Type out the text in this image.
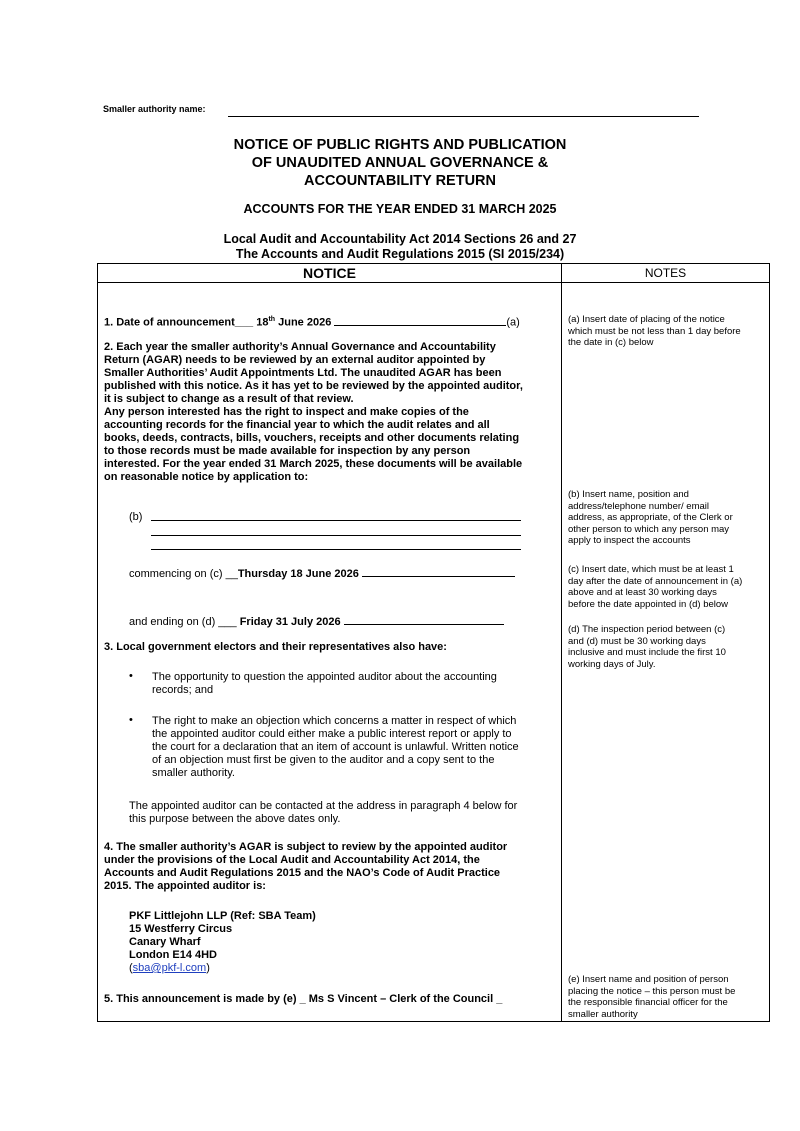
Smaller authority name:
NOTICE OF PUBLIC RIGHTS AND PUBLICATION
OF UNAUDITED ANNUAL GOVERNANCE &
ACCOUNTABILITY RETURN
ACCOUNTS FOR THE YEAR ENDED 31 MARCH 2025
Local Audit and Accountability Act 2014 Sections 26 and 27
The Accounts and Audit Regulations 2015 (SI 2015/234)
NOTICE	NOTES
1. Date of announcement___ 18th June 2026	(a)
2. Each year the smaller authority’s Annual Governance and Accountability
Return (AGAR) needs to be reviewed by an external auditor appointed by
Smaller Authorities’ Audit Appointments Ltd. The unaudited AGAR has been
published with this notice. As it has yet to be reviewed by the appointed auditor,
it is subject to change as a result of that review.
Any person interested has the right to inspect and make copies of the
accounting records for the financial year to which the audit relates and all
books, deeds, contracts, bills, vouchers, receipts and other documents relating
to those records must be made available for inspection by any person
interested. For the year ended 31 March 2025, these documents will be available
on reasonable notice by application to:
(b)
commencing on (c) __Thursday 18 June 2026
and ending on (d) ___ Friday 31 July 2026
3. Local government electors and their representatives also have:
• The opportunity to question the appointed auditor about the accounting
records; and
• The right to make an objection which concerns a matter in respect of which
the appointed auditor could either make a public interest report or apply to
the court for a declaration that an item of account is unlawful. Written notice
of an objection must first be given to the auditor and a copy sent to the
smaller authority.
The appointed auditor can be contacted at the address in paragraph 4 below for
this purpose between the above dates only.
4. The smaller authority’s AGAR is subject to review by the appointed auditor
under the provisions of the Local Audit and Accountability Act 2014, the
Accounts and Audit Regulations 2015 and the NAO’s Code of Audit Practice
2015. The appointed auditor is:
PKF Littlejohn LLP (Ref: SBA Team)
15 Westferry Circus
Canary Wharf
London E14 4HD
(sba@pkf-l.com)
5. This announcement is made by (e) _ Ms S Vincent – Clerk of the Council _
(a) Insert date of placing of the notice
which must be not less than 1 day before
the date in (c) below
(b) Insert name, position and
address/telephone number/ email
address, as appropriate, of the Clerk or
other person to which any person may
apply to inspect the accounts
(c) Insert date, which must be at least 1
day after the date of announcement in (a)
above and at least 30 working days
before the date appointed in (d) below
(d) The inspection period between (c)
and (d) must be 30 working days
inclusive and must include the first 10
working days of July.
(e) Insert name and position of person
placing the notice – this person must be
the responsible financial officer for the
smaller authority
